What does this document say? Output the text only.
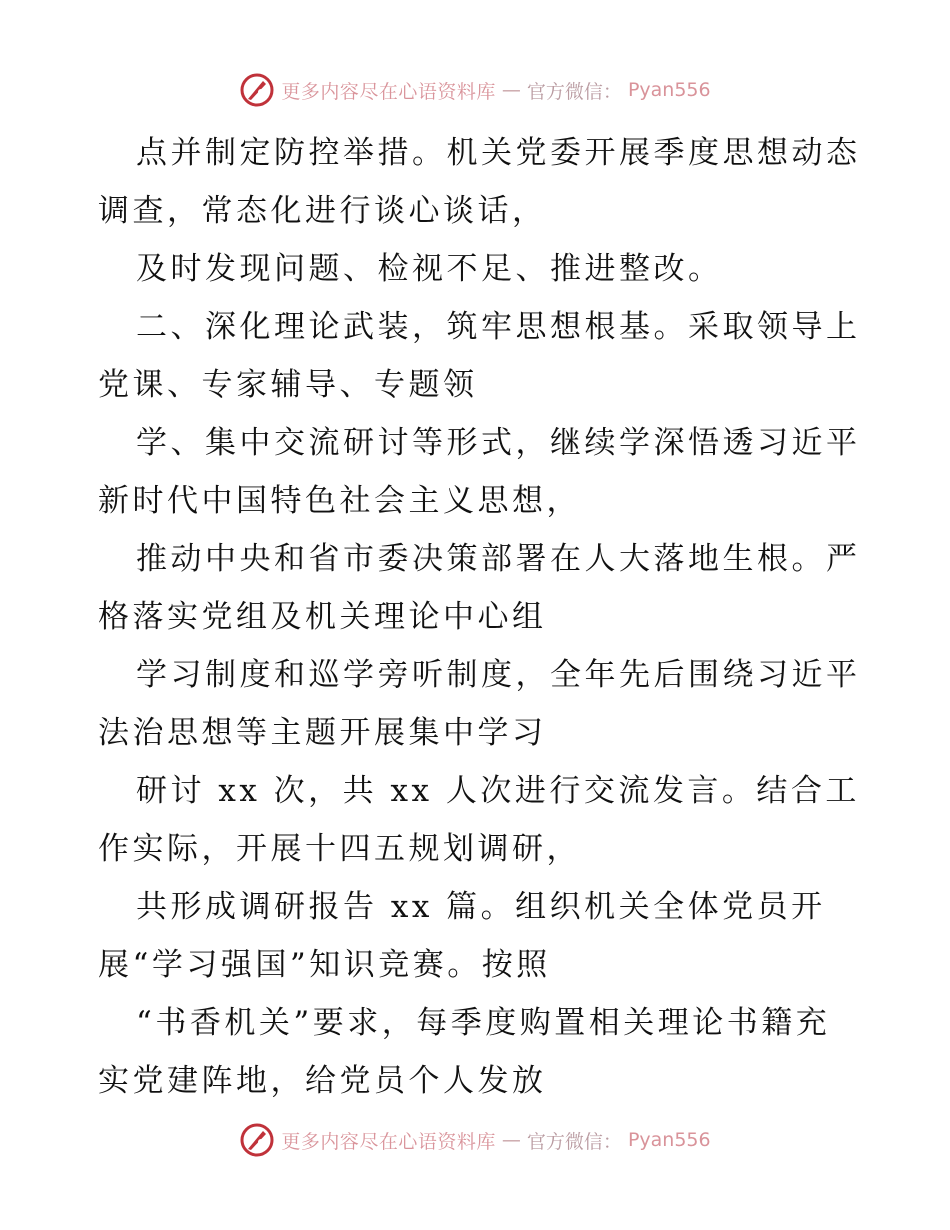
更多内容尽在心语资料库 — 官方微信： Pyan556
点并制定防控举措。机关党委开展季度思想动态
调查，常态化进行谈心谈话，
及时发现问题、检视不足、推进整改。
二、深化理论武装，筑牢思想根基。采取领导上
党课、专家辅导、专题领
学、集中交流研讨等形式，继续学深悟透习近平
新时代中国特色社会主义思想，
推动中央和省市委决策部署在人大落地生根。严
格落实党组及机关理论中心组
学习制度和巡学旁听制度，全年先后围绕习近平
法治思想等主题开展集中学习
研讨 xx 次，共 xx 人次进行交流发言。结合工
作实际，开展十四五规划调研，
共形成调研报告 xx 篇。组织机关全体党员开
展“学习强国”知识竞赛。按照
“书香机关”要求，每季度购置相关理论书籍充
实党建阵地，给党员个人发放
更多内容尽在心语资料库 — 官方微信： Pyan556
